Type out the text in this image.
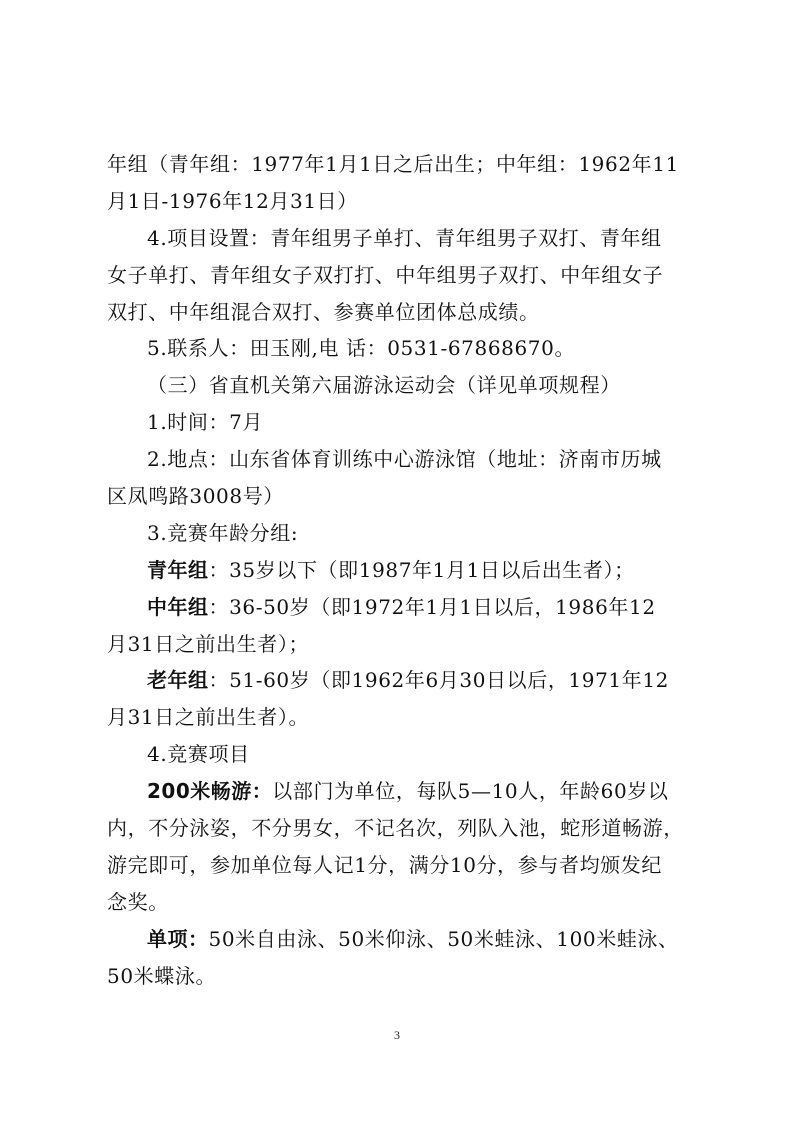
年组（青年组：1977年1月1日之后出生；中年组：1962年11
月1日-1976年12月31日）
4.项目设置：青年组男子单打、青年组男子双打、青年组
女子单打、青年组女子双打打、中年组男子双打、中年组女子
双打、中年组混合双打、参赛单位团体总成绩。
5.联系人：田玉刚,电 话：0531-67868670。
（三）省直机关第六届游泳运动会（详见单项规程）
1.时间：7月
2.地点：山东省体育训练中心游泳馆（地址：济南市历城
区凤鸣路3008号）
3.竞赛年龄分组:
青年组：35岁以下（即1987年1月1日以后出生者）；
中年组：36-50岁（即1972年1月1日以后，1986年12
月31日之前出生者）；
老年组：51-60岁（即1962年6月30日以后，1971年12
月31日之前出生者）。
4.竞赛项目
200米畅游：以部门为单位，每队5—10人，年龄60岁以
内，不分泳姿，不分男女，不记名次，列队入池，蛇形道畅游，
游完即可，参加单位每人记1分，满分10分，参与者均颁发纪
念奖。
单项：50米自由泳、50米仰泳、50米蛙泳、100米蛙泳、
50米蝶泳。
3
